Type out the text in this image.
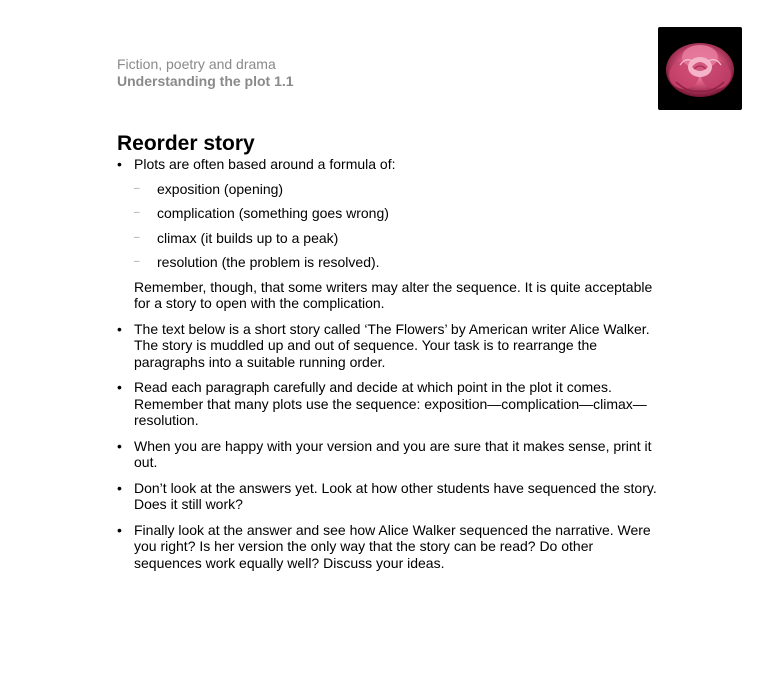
Fiction, poetry and drama
Understanding the plot 1.1
Reorder story
• Plots are often based around a formula of:
– exposition (opening)
– complication (something goes wrong)
– climax (it builds up to a peak)
– resolution (the problem is resolved).

Remember, though, that some writers may alter the sequence. It is quite acceptable for a story to open with the complication.

• The text below is a short story called ‘The Flowers’ by American writer Alice Walker. The story is muddled up and out of sequence. Your task is to rearrange the paragraphs into a suitable running order.
• Read each paragraph carefully and decide at which point in the plot it comes. Remember that many plots use the sequence: exposition—complication—climax—resolution.
• When you are happy with your version and you are sure that it makes sense, print it out.
• Don’t look at the answers yet. Look at how other students have sequenced the story. Does it still work?
• Finally look at the answer and see how Alice Walker sequenced the narrative. Were you right? Is her version the only way that the story can be read? Do other sequences work equally well? Discuss your ideas.
